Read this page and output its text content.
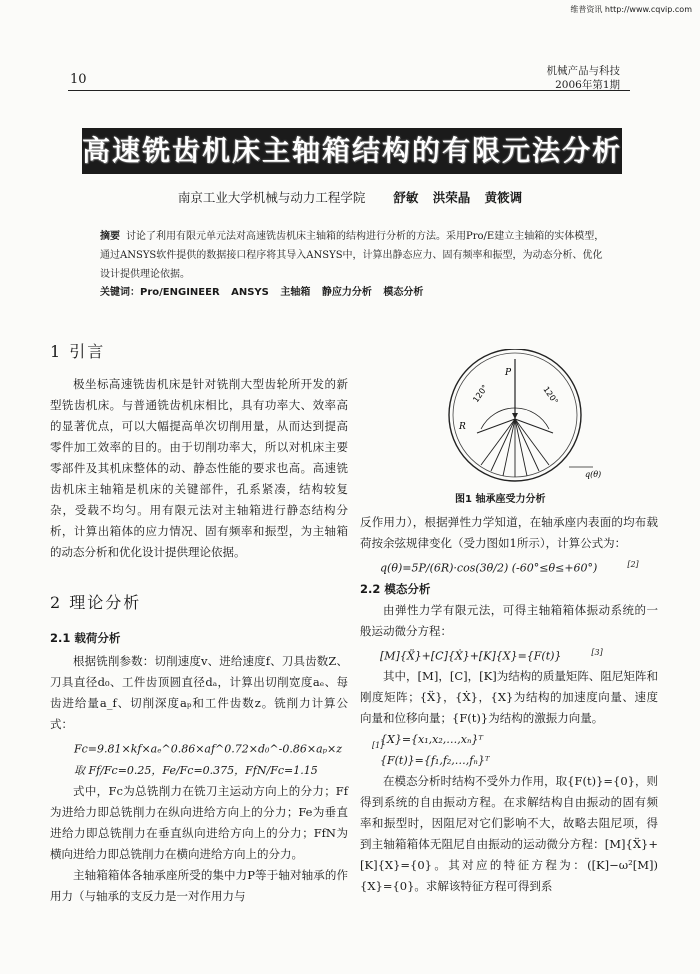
维普资讯 http://www.cqvip.com
10
机械产品与科技
2006年第1期
高速铣齿机床主轴箱结构的有限元法分析
南京工业大学机械与动力工程学院 舒敏 洪荣晶 黄筱调
摘要 讨论了利用有限元单元法对高速铣齿机床主轴箱的结构进行分析的方法。采用Pro/E建立主轴箱的实体模型，通过ANSYS软件提供的数据接口程序将其导入ANSYS中，计算出静态应力、固有频率和振型，为动态分析、优化设计提供理论依据。
关键词：Pro/ENGINEER ANSYS 主轴箱 静应力分析 模态分析
1 引言

极坐标高速铣齿机床是针对铣削大型齿轮所开发的新型铣齿机床。与普通铣齿机床相比，具有功率大、效率高的显著优点，可以大幅提高单次切削用量，从而达到提高零件加工效率的目的。由于切削功率大，所以对机床主要零部件及其机床整体的动、静态性能的要求也高。高速铣齿机床主轴箱是机床的关键部件，孔系紧凑，结构较复杂，受载不均匀。用有限元法对主轴箱进行静态结构分析，计算出箱体的应力情况、固有频率和振型，为主轴箱的动态分析和优化设计提供理论依据。

2 理论分析
2.1 载荷分析

根据铣削参数：切削速度v、进给速度f、刀具齿数Z、刀具直径d₀、工件齿顶圆直径dₐ，计算出切削宽度aₑ、每齿进给量a_f、切削深度aₚ和工件齿数z。铣削力计算公式：

Fc=9.81×kf×aₑ^0.86×af^0.72×d₀^-0.86×aₚ×z	[1]
取 Ff/Fc=0.25，Fe/Fc=0.375，FfN/Fc=1.15

式中，Fc为总铣削力在铣刀主运动方向上的分力；Ff为进给力即总铣削力在纵向进给方向上的分力；Fe为垂直进给力即总铣削力在垂直纵向进给方向上的分力；FfN为横向进给力即总铣削力在横向进给方向上的分力。

主轴箱箱体各轴承座所受的集中力P等于轴对轴承的作用力（与轴承的支反力是一对作用力与

P
120°	120°
R
q(θ)
图1 轴承座受力分析

反作用力），根据弹性力学知道，在轴承座内表面的均布载荷按余弦规律变化（受力图如1所示），计算公式为：

q(θ)=5P/(6R)·cos(3θ/2) (-60°≤θ≤+60°)	[2]
2.2 模态分析

由弹性力学有限元法，可得主轴箱箱体振动系统的一般运动微分方程：

[M]{Ẍ}+[C]{Ẋ}+[K]{X}={F(t)}	[3]

其中，[M]，[C]，[K]为结构的质量矩阵、阻尼矩阵和刚度矩阵；{Ẍ}，{Ẋ}，{X}为结构的加速度向量、速度向量和位移向量；{F(t)}为结构的激振力向量。

{X}={x₁,x₂,…,xₙ}ᵀ
{F(t)}={f₁,f₂,…,fₙ}ᵀ

在模态分析时结构不受外力作用，取{F(t)}={0}，则得到系统的自由振动方程。在求解结构自由振动的固有频率和振型时，因阻尼对它们影响不大，故略去阻尼项，得到主轴箱箱体无阻尼自由振动的运动微分方程：[M]{Ẍ}+[K]{X}={0}。其对应的特征方程为：([K]−ω²[M]){X}={0}。求解该特征方程可得到系
